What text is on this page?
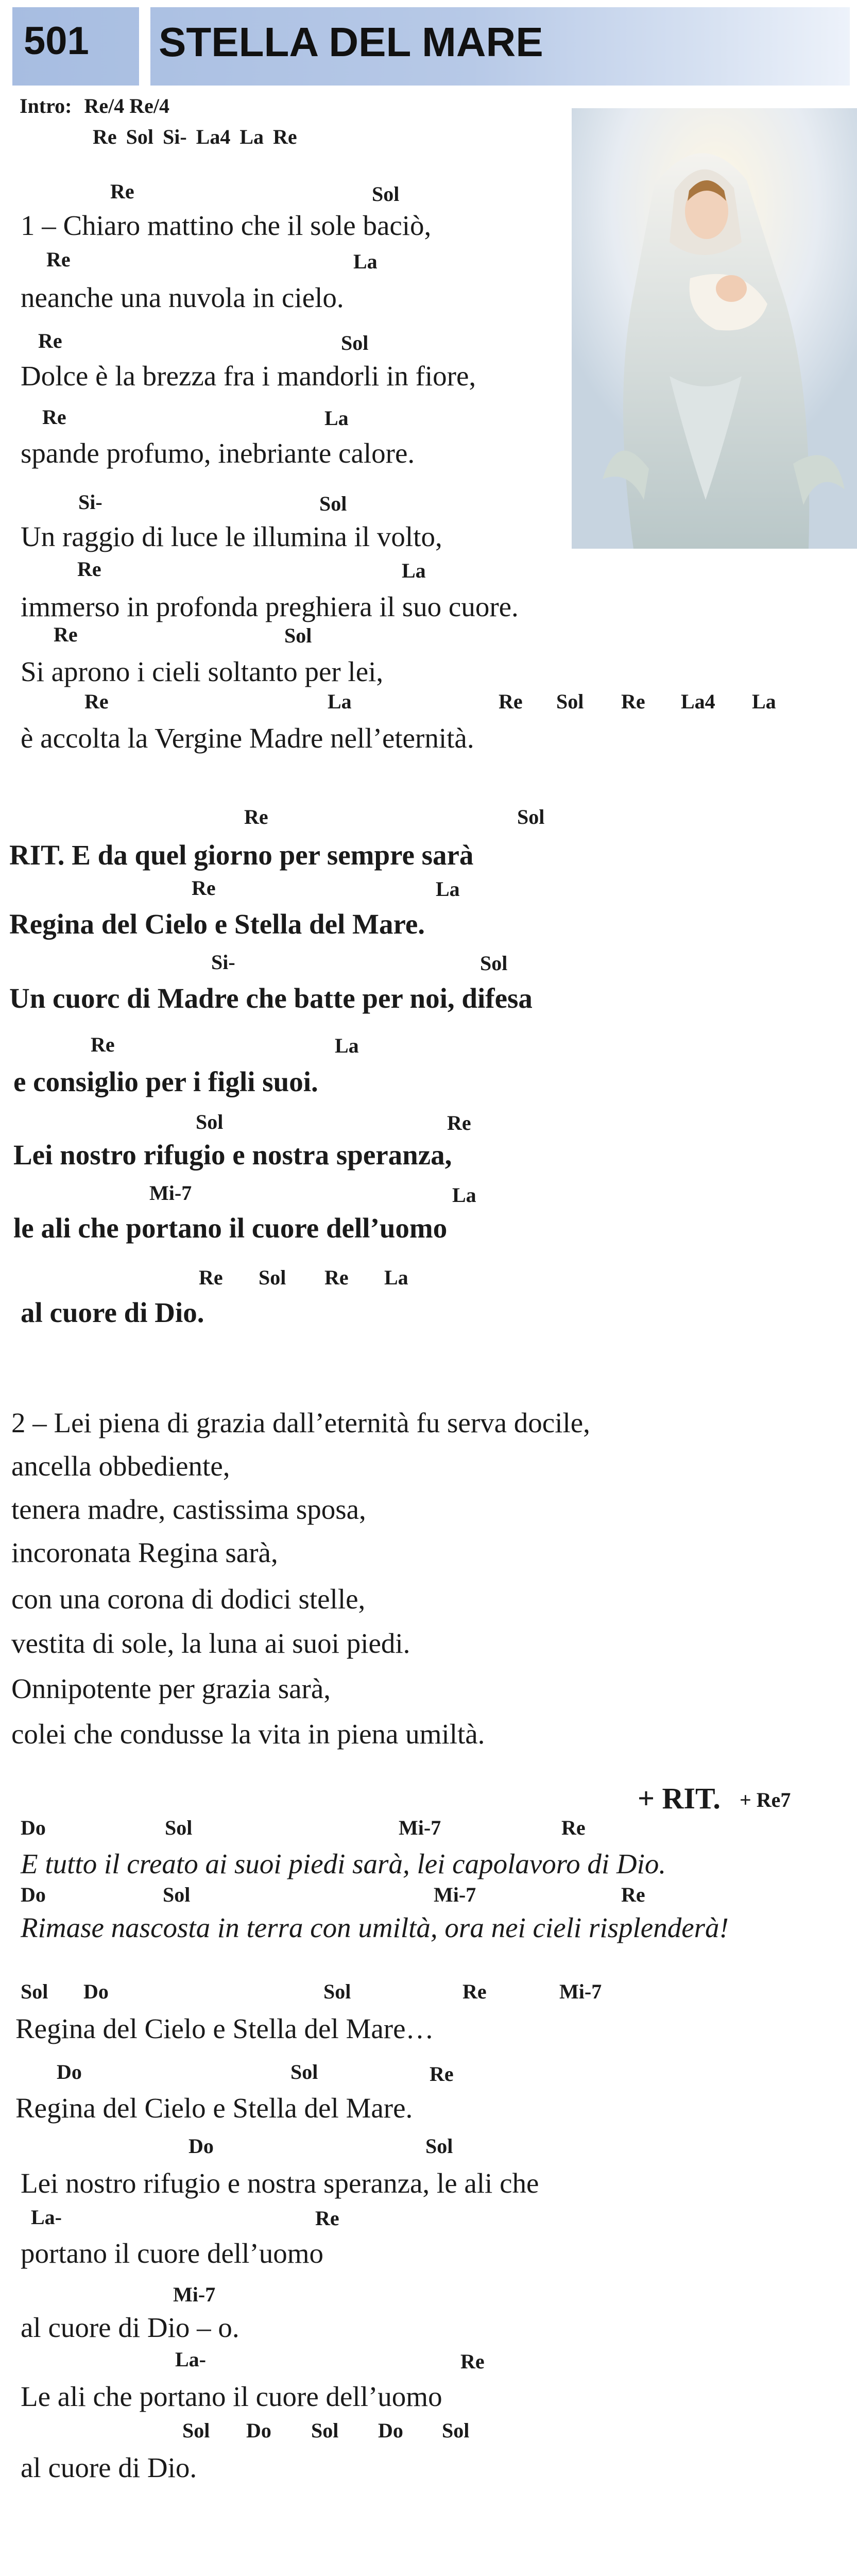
501 STELLA DEL MARE
Intro: Re/4 Re/4
Re Sol Si- La4 La Re
Re	Sol
1 – Chiaro mattino che il sole baciò,
Re	La
neanche una nuvola in cielo.
Re	Sol
Dolce è la brezza fra i mandorli in fiore,
Re	La
spande profumo, inebriante calore.
Si-	Sol
Un raggio di luce le illumina il volto,
Re	La
immerso in profonda preghiera il suo cuore.
Re	Sol
Si aprono i cieli soltanto per lei,
Re	La	Re Sol Re La4 La
è accolta la Vergine Madre nell’eternità.
Re	Sol
RIT. E da quel giorno per sempre sarà
Re	La
Regina del Cielo e Stella del Mare.
Si-	Sol
Un cuorc di Madre che batte per noi, difesa
Re	La
e consiglio per i figli suoi.
Sol	Re
Lei nostro rifugio e nostra speranza,
Mi-7	La
le ali che portano il cuore dell’uomo
Re Sol Re La
al cuore di Dio.
2 – Lei piena di grazia dall’eternità fu serva docile,
ancella obbediente,
tenera madre, castissima sposa,
incoronata Regina sarà,
con una corona di dodici stelle,
vestita di sole, la luna ai suoi piedi.
Onnipotente per grazia sarà,
colei che condusse la vita in piena umiltà.
+ RIT. + Re7
Do	Sol	Mi-7	Re
E tutto il creato ai suoi piedi sarà, lei capolavoro di Dio.
Do	Sol	Mi-7	Re
Rimase nascosta in terra con umiltà, ora nei cieli risplenderà!
Sol Do	Sol	Re	Mi-7
Regina del Cielo e Stella del Mare…
Do	Sol	Re
Regina del Cielo e Stella del Mare.
Do	Sol
Lei nostro rifugio e nostra speranza, le ali che
La-	Re
portano il cuore dell’uomo
Mi-7
al cuore di Dio – o.
La-	Re
Le ali che portano il cuore dell’uomo
Sol Do Sol Do Sol
al cuore di Dio.
